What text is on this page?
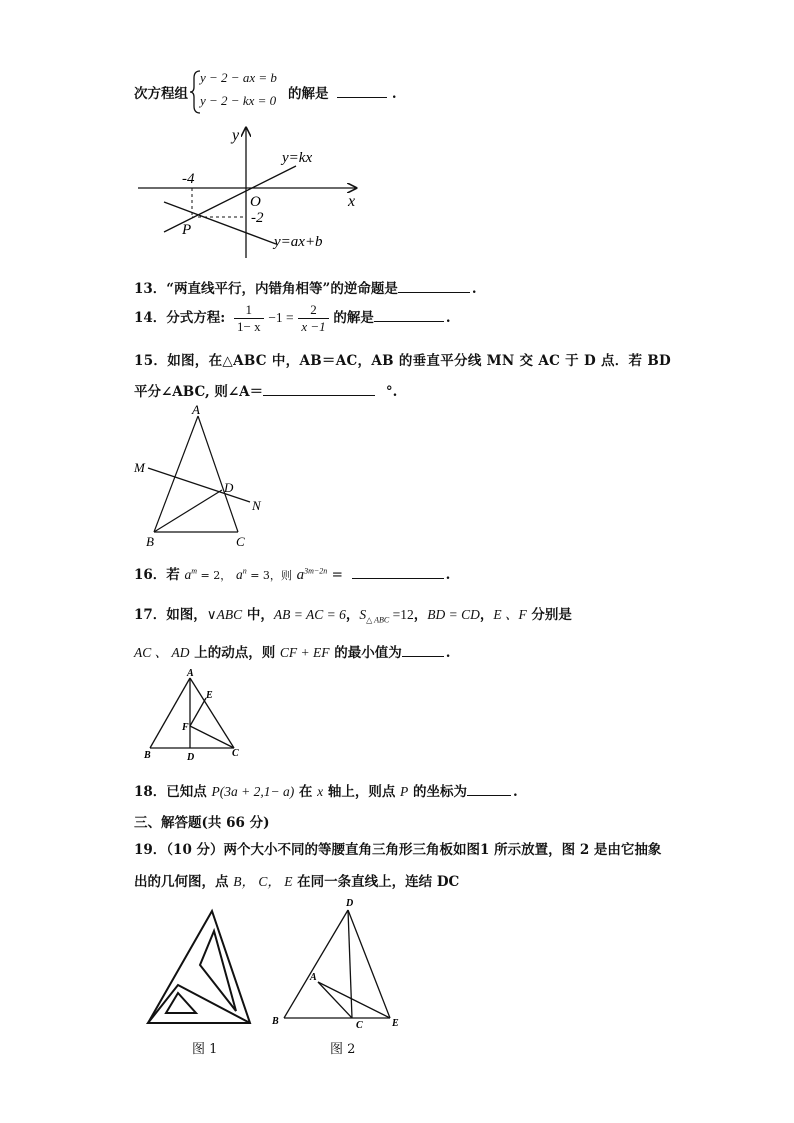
次方程组
y − 2 − ax = b
y − 2 − kx = 0 的解是	.
y
x
O
y=kx
y=ax+b
-4
-2
P
13．“两直线平行，内错角相等”的逆命题是	.
14．分式方程: $\frac{1}{1- x} -1 = \frac{2}{x -1}$ 的解是	.
15．如图，在△ABC 中，AB＝AC，AB 的垂直平分线 MN 交 AC 于 D 点．若 BD
平分∠ABC, 则∠A＝	°.
A
M
D
N
B	C
16．若 $a^m = 2$， $a^n = 3$，则 $a^{3m-2n}$ =	.
17．如图，∨ABC 中，AB = AC = 6，$S_{\triangle ABC} =12$，BD = CD，E 、F 分别是
AC 、 AD 上的动点，则 CF + EF 的最小值为	.
A
E
F
B	D	C
18．已知点 P(3a + 2,1− a) 在 x 轴上，则点 P 的坐标为	.
三、解答题(共 66 分)
19．（10 分）两个大小不同的等腰直角三角形三角板如图1 所示放置，图 2 是由它抽象
出的几何图，点 B， C， E 在同一条直线上，连结 DC
图 1
D
A
B	C	E
图 2
